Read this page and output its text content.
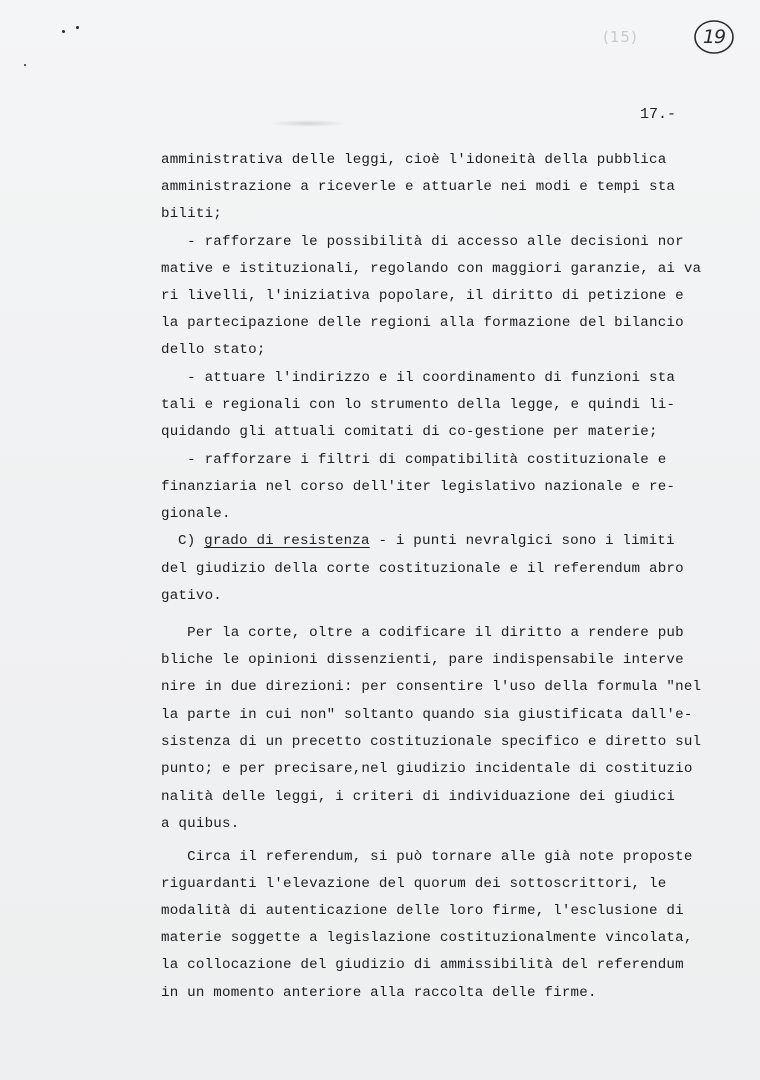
(15)	19
17.-
amministrativa delle leggi, cioè l'idoneità della pubblica
amministrazione a riceverle e attuarle nei modi e tempi sta
biliti;
- rafforzare le possibilità di accesso alle decisioni nor
mative e istituzionali, regolando con maggiori garanzie, ai va
ri livelli, l'iniziativa popolare, il diritto di petizione e
la partecipazione delle regioni alla formazione del bilancio
dello stato;
- attuare l'indirizzo e il coordinamento di funzioni sta
tali e regionali con lo strumento della legge, e quindi li-
quidando gli attuali comitati di co-gestione per materie;
- rafforzare i filtri di compatibilità costituzionale e
finanziaria nel corso dell'iter legislativo nazionale e re-
gionale.
C) grado di resistenza - i punti nevralgici sono i limiti
del giudizio della corte costituzionale e il referendum abro
gativo.
Per la corte, oltre a codificare il diritto a rendere pub
bliche le opinioni dissenzienti, pare indispensabile interve
nire in due direzioni: per consentire l'uso della formula "nel
la parte in cui non" soltanto quando sia giustificata dall'e-
sistenza di un precetto costituzionale specifico e diretto sul
punto; e per precisare,nel giudizio incidentale di costituzio
nalità delle leggi, i criteri di individuazione dei giudici
a quibus.
Circa il referendum, si può tornare alle già note proposte
riguardanti l'elevazione del quorum dei sottoscrittori, le
modalità di autenticazione delle loro firme, l'esclusione di
materie soggette a legislazione costituzionalmente vincolata,
la collocazione del giudizio di ammissibilità del referendum
in un momento anteriore alla raccolta delle firme.
